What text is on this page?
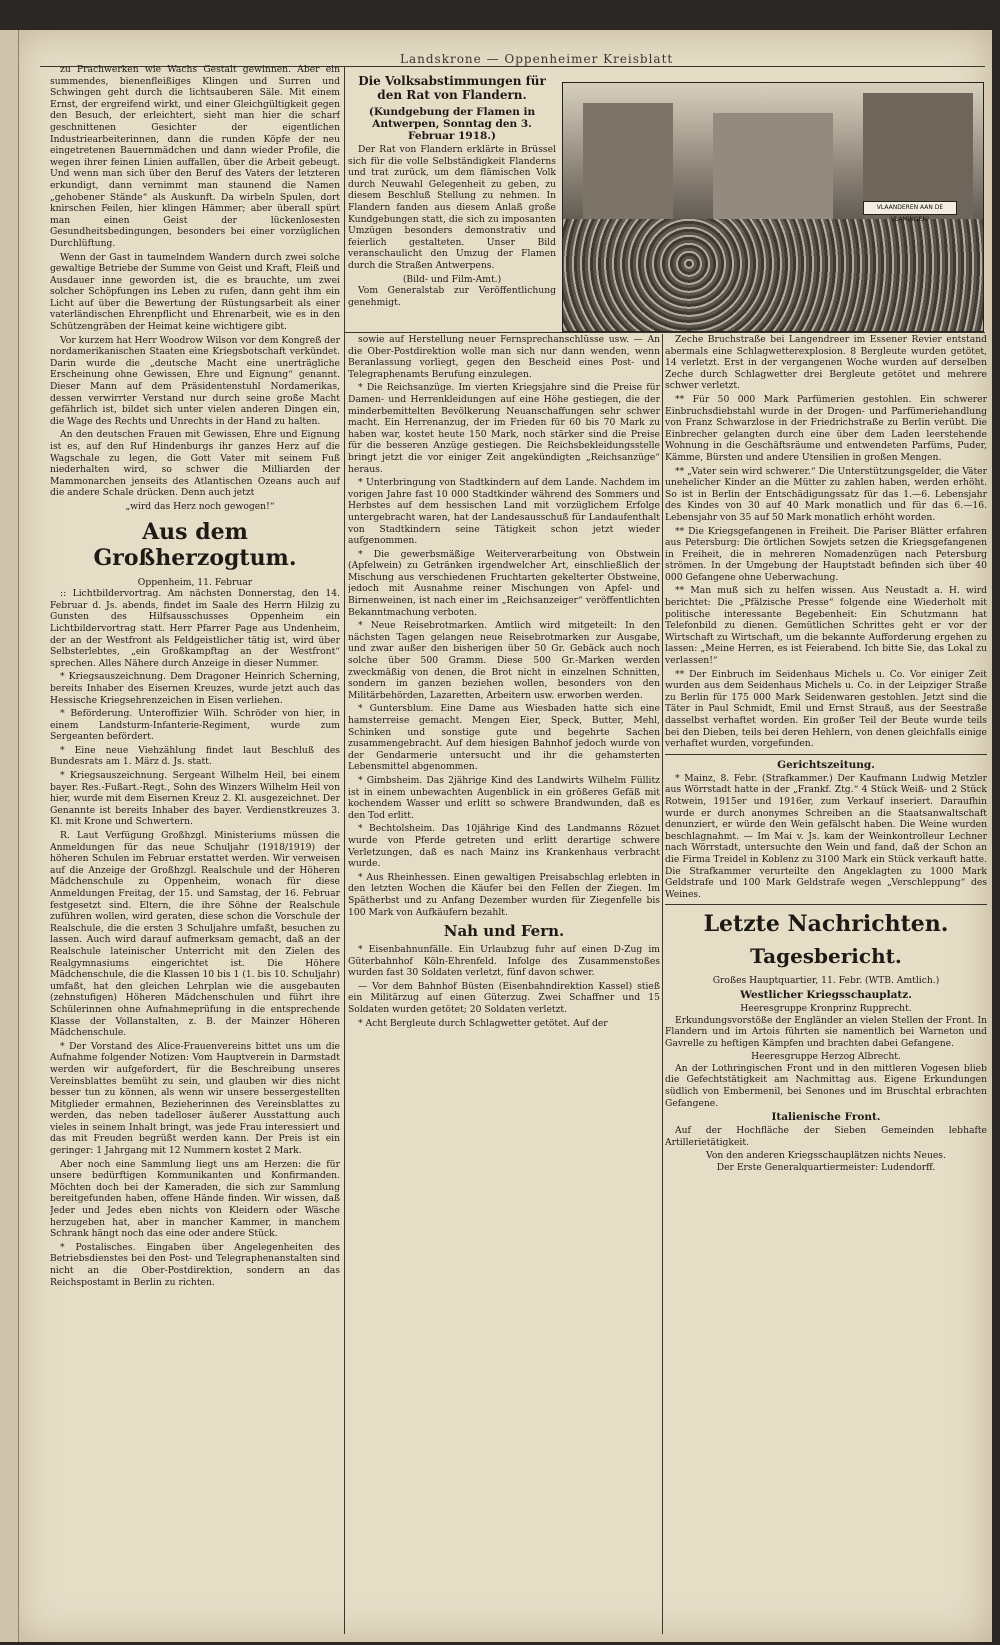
Landskrone — Oppenheimer Kreisblatt

zu Prachwerken wie Wachs Gestalt gewinnen. Aber ein summendes, bienenfleißiges Klingen und Surren und Schwingen geht durch die lichtsauberen Säle. Mit einem Ernst, der ergreifend wirkt, und einer Gleichgültigkeit gegen den Besuch, der erleichtert, sieht man hier die scharf geschnittenen Gesichter der eigentlichen Industriearbeiterinnen, dann die runden Köpfe der neu eingetretenen Bauernmädchen und dann wieder Profile, die wegen ihrer feinen Linien auffallen, über die Arbeit gebeugt. Und wenn man sich über den Beruf des Vaters der letzteren erkundigt, dann vernimmt man staunend die Namen „gehobener Stände“ als Auskunft. Da wirbeln Spulen, dort knirschen Feilen, hier klingen Hämmer; aber überall spürt man einen Geist der lückenlosesten Gesundheitsbedingungen, besonders bei einer vorzüglichen Durchlüftung.

Wenn der Gast in taumelndem Wandern durch zwei solche gewaltige Betriebe der Summe von Geist und Kraft, Fleiß und Ausdauer inne geworden ist, die es brauchte, um zwei solcher Schöpfungen ins Leben zu rufen, dann geht ihm ein Licht auf über die Bewertung der Rüstungsarbeit als einer vaterländischen Ehrenpflicht und Ehrenarbeit, wie es in den Schützengräben der Heimat keine wichtigere gibt.

Vor kurzem hat Herr Woodrow Wilson vor dem Kongreß der nordamerikanischen Staaten eine Kriegsbotschaft verkündet. Darin wurde die „deutsche Macht eine unerträgliche Erscheinung ohne Gewissen, Ehre und Eignung“ genannt. Dieser Mann auf dem Präsidentenstuhl Nordamerikas, dessen verwirrter Verstand nur durch seine große Macht gefährlich ist, bildet sich unter vielen anderen Dingen ein, die Wage des Rechts und Unrechts in der Hand zu halten.

An den deutschen Frauen mit Gewissen, Ehre und Eignung ist es, auf den Ruf Hindenburgs ihr ganzes Herz auf die Wagschale zu legen, die Gott Vater mit seinem Fuß niederhalten wird, so schwer die Milliarden der Mammonarchen jenseits des Atlantischen Ozeans auch auf die andere Schale drücken. Denn auch jetzt

„wird das Herz noch gewogen!“

Aus dem Großherzogtum.
Oppenheim, 11. Februar

:: Lichtbildervortrag. Am nächsten Donnerstag, den 14. Februar d. Js. abends, findet im Saale des Herrn Hilzig zu Gunsten des Hilfsausschusses Oppenheim ein Lichtbildervortrag statt. Herr Pfarrer Page aus Undenheim, der an der Westfront als Feldgeistlicher tätig ist, wird über Selbsterlebtes, „ein Großkampftag an der Westfront“ sprechen. Alles Nähere durch Anzeige in dieser Nummer.

* Kriegsauszeichnung. Dem Dragoner Heinrich Scherning, bereits Inhaber des Eisernen Kreuzes, wurde jetzt auch das Hessische Kriegsehrenzeichen in Eisen verliehen.

* Beförderung. Unteroffizier Wilh. Schröder von hier, in einem Landsturm-Infanterie-Regiment, wurde zum Sergeanten befördert.

* Eine neue Viehzählung findet laut Beschluß des Bundesrats am 1. März d. Js. statt.

* Kriegsauszeichnung. Sergeant Wilhelm Heil, bei einem bayer. Res.-Fußart.-Regt., Sohn des Winzers Wilhelm Heil von hier, wurde mit dem Eisernen Kreuz 2. Kl. ausgezeichnet. Der Genannte ist bereits Inhaber des bayer. Verdienstkreuzes 3. Kl. mit Krone und Schwertern.

R. Laut Verfügung Großhzgl. Ministeriums müssen die Anmeldungen für das neue Schuljahr (1918/1919) der höheren Schulen im Februar erstattet werden. Wir verweisen auf die Anzeige der Großhzgl. Realschule und der Höheren Mädchenschule zu Oppenheim, wonach für diese Anmeldungen Freitag, der 15. und Samstag, der 16. Februar festgesetzt sind. Eltern, die ihre Söhne der Realschule zuführen wollen, wird geraten, diese schon die Vorschule der Realschule, die die ersten 3 Schuljahre umfaßt, besuchen zu lassen. Auch wird darauf aufmerksam gemacht, daß an der Realschule lateinischer Unterricht mit den Zielen des Realgymnasiums eingerichtet ist. Die Höhere Mädchenschule, die die Klassen 10 bis 1 (1. bis 10. Schuljahr) umfaßt, hat den gleichen Lehrplan wie die ausgebauten (zehnstufigen) Höheren Mädchenschulen und führt ihre Schülerinnen ohne Aufnahmeprüfung in die entsprechende Klasse der Vollanstalten, z. B. der Mainzer Höheren Mädchenschule.

* Der Vorstand des Alice-Frauenvereins bittet uns um die Aufnahme folgender Notizen: Vom Hauptverein in Darmstadt werden wir aufgefordert, für die Beschreibung unseres Vereinsblattes bemüht zu sein, und glauben wir dies nicht besser tun zu können, als wenn wir unsere bessergestellten Mitglieder ermahnen, Bezieherinnen des Vereinsblattes zu werden, das neben tadelloser äußerer Ausstattung auch vieles in seinem Inhalt bringt, was jede Frau interessiert und das mit Freuden begrüßt werden kann. Der Preis ist ein geringer: 1 Jahrgang mit 12 Nummern kostet 2 Mark.

Aber noch eine Sammlung liegt uns am Herzen: die für unsere bedürftigen Kommunikanten und Konfirmanden. Möchten doch bei der Kameraden, die sich zur Sammlung bereitgefunden haben, offene Hände finden. Wir wissen, daß Jeder und Jedes eben nichts von Kleidern oder Wäsche herzugeben hat, aber in mancher Kammer, in manchem Schrank hängt noch das eine oder andere Stück.

* Postalisches. Eingaben über Angelegenheiten des Betriebsdienstes bei den Post- und Telegraphenanstalten sind nicht an die Ober-Postdirektion, sondern an das Reichspostamt in Berlin zu richten.

Die Volksabstimmungen für den Rat von Flandern.
(Kundgebung der Flamen in Antwerpen, Sonntag den 3. Februar 1918.)

Der Rat von Flandern erklärte in Brüssel sich für die volle Selbständigkeit Flanderns und trat zurück, um dem flämischen Volk durch Neuwahl Gelegenheit zu geben, zu diesem Beschluß Stellung zu nehmen. In Flandern fanden aus diesem Anlaß große Kundgebungen statt, die sich zu imposanten Umzügen besonders demonstrativ und feierlich gestalteten. Unser Bild veranschaulicht den Umzug der Flamen durch die Straßen Antwerpens.

(Bild- und Film-Amt.)

Vom Generalstab zur Veröffentlichung genehmigt.

VLAANDEREN AAN DE VLAMINGEN!

sowie auf Herstellung neuer Fernsprechanschlüsse usw. — An die Ober-Postdirektion wolle man sich nur dann wenden, wenn Beranlassung vorliegt, gegen den Bescheid eines Post- und Telegraphenamts Berufung einzulegen.

* Die Reichsanzüge. Im vierten Kriegsjahre sind die Preise für Damen- und Herrenkleidungen auf eine Höhe gestiegen, die der minderbemittelten Bevölkerung Neuanschaffungen sehr schwer macht. Ein Herrenanzug, der im Frieden für 60 bis 70 Mark zu haben war, kostet heute 150 Mark, noch stärker sind die Preise für die besseren Anzüge gestiegen. Die Reichsbekleidungsstelle bringt jetzt die vor einiger Zeit angekündigten „Reichsanzüge“ heraus.

* Unterbringung von Stadtkindern auf dem Lande. Nachdem im vorigen Jahre fast 10 000 Stadtkinder während des Sommers und Herbstes auf dem hessischen Land mit vorzüglichem Erfolge untergebracht waren, hat der Landesausschuß für Landaufenthalt von Stadtkindern seine Tätigkeit schon jetzt wieder aufgenommen.

* Die gewerbsmäßige Weiterverarbeitung von Obstwein (Apfelwein) zu Getränken irgendwelcher Art, einschließlich der Mischung aus verschiedenen Fruchtarten gekelterter Obstweine, jedoch mit Ausnahme reiner Mischungen von Apfel- und Birnenweinen, ist nach einer im „Reichsanzeiger“ veröffentlichten Bekanntmachung verboten.

* Neue Reisebrotmarken. Amtlich wird mitgeteilt: In den nächsten Tagen gelangen neue Reisebrotmarken zur Ausgabe, und zwar außer den bisherigen über 50 Gr. Gebäck auch noch solche über 500 Gramm. Diese 500 Gr.-Marken werden zweckmäßig von denen, die Brot nicht in einzelnen Schnitten, sondern im ganzen beziehen wollen, besonders von den Militärbehörden, Lazaretten, Arbeitern usw. erworben werden.

* Guntersblum. Eine Dame aus Wiesbaden hatte sich eine hamsterreise gemacht. Mengen Eier, Speck, Butter, Mehl, Schinken und sonstige gute und begehrte Sachen zusammengebracht. Auf dem hiesigen Bahnhof jedoch wurde von der Gendarmerie untersucht und ihr die gehamsterten Lebensmittel abgenommen.

* Gimbsheim. Das 2jährige Kind des Landwirts Wilhelm Füllitz ist in einem unbewachten Augenblick in ein größeres Gefäß mit kochendem Wasser und erlitt so schwere Brandwunden, daß es den Tod erlitt.

* Bechtolsheim. Das 10jährige Kind des Landmanns Rözuet wurde von Pferde getreten und erlitt derartige schwere Verletzungen, daß es nach Mainz ins Krankenhaus verbracht wurde.

* Aus Rheinhessen. Einen gewaltigen Preisabschlag erlebten in den letzten Wochen die Käufer bei den Fellen der Ziegen. Im Spätherbst und zu Anfang Dezember wurden für Ziegenfelle bis 100 Mark von Aufkäufern bezahlt.

Nah und Fern.

* Eisenbahnunfälle. Ein Urlaubzug fuhr auf einen D-Zug im Güterbahnhof Köln-Ehrenfeld. Infolge des Zusammenstoßes wurden fast 30 Soldaten verletzt, fünf davon schwer.

— Vor dem Bahnhof Büsten (Eisenbahndirektion Kassel) stieß ein Militärzug auf einen Güterzug. Zwei Schaffner und 15 Soldaten wurden getötet; 20 Soldaten verletzt.

* Acht Bergleute durch Schlagwetter getötet. Auf der

Zeche Bruchstraße bei Langendreer im Essener Revier entstand abermals eine Schlagwetterexplosion. 8 Bergleute wurden getötet, 14 verletzt. Erst in der vergangenen Woche wurden auf derselben Zeche durch Schlagwetter drei Bergleute getötet und mehrere schwer verletzt.

** Für 50 000 Mark Parfümerien gestohlen. Ein schwerer Einbruchsdiebstahl wurde in der Drogen- und Parfümeriehandlung von Franz Schwarzlose in der Friedrichstraße zu Berlin verübt. Die Einbrecher gelangten durch eine über dem Laden leerstehende Wohnung in die Geschäftsräume und entwendeten Parfüms, Puder, Kämme, Bürsten und andere Utensilien in großen Mengen.

** „Vater sein wird schwerer.“ Die Unterstützungsgelder, die Väter unehelicher Kinder an die Mütter zu zahlen haben, werden erhöht. So ist in Berlin der Entschädigungssatz für das 1.—6. Lebensjahr des Kindes von 30 auf 40 Mark monatlich und für das 6.—16. Lebensjahr von 35 auf 50 Mark monatlich erhöht worden.

** Die Kriegsgefangenen in Freiheit. Die Pariser Blätter erfahren aus Petersburg: Die örtlichen Sowjets setzen die Kriegsgefangenen in Freiheit, die in mehreren Nomadenzügen nach Petersburg strömen. In der Umgebung der Hauptstadt befinden sich über 40 000 Gefangene ohne Ueberwachung.

** Man muß sich zu helfen wissen. Aus Neustadt a. H. wird berichtet: Die „Pfälzische Presse“ folgende eine Wiederholt mit politische interessante Begebenheit: Ein Schutzmann hat Telefonbild zu dienen. Gemütlichen Schrittes geht er vor der Wirtschaft zu Wirtschaft, um die bekannte Aufforderung ergehen zu lassen: „Meine Herren, es ist Feierabend. Ich bitte Sie, das Lokal zu verlassen!“

** Der Einbruch im Seidenhaus Michels u. Co. Vor einiger Zeit wurden aus dem Seidenhaus Michels u. Co. in der Leipziger Straße zu Berlin für 175 000 Mark Seidenwaren gestohlen. Jetzt sind die Täter in Paul Schmidt, Emil und Ernst Strauß, aus der Seestraße dasselbst verhaftet worden. Ein großer Teil der Beute wurde teils bei den Dieben, teils bei deren Hehlern, von denen gleichfalls einige verhaftet wurden, vorgefunden.

Gerichtszeitung.

* Mainz, 8. Febr. (Strafkammer.) Der Kaufmann Ludwig Metzler aus Wörrstadt hatte in der „Frankf. Ztg.“ 4 Stück Weiß- und 2 Stück Rotwein, 1915er und 1916er, zum Verkauf inseriert. Daraufhin wurde er durch anonymes Schreiben an die Staatsanwaltschaft denunziert, er würde den Wein gefälscht haben. Die Weine wurden beschlagnahmt. — Im Mai v. Js. kam der Weinkontrolleur Lechner nach Wörrstadt, untersuchte den Wein und fand, daß der Schon an die Firma Treidel in Koblenz zu 3100 Mark ein Stück verkauft hatte. Die Strafkammer verurteilte den Angeklagten zu 1000 Mark Geldstrafe und 100 Mark Geldstrafe wegen „Verschleppung“ des Weines.

Letzte Nachrichten.
Tagesbericht.
Großes Hauptquartier, 11. Febr. (WTB. Amtlich.)
Westlicher Kriegsschauplatz.
Heeresgruppe Kronprinz Rupprecht.

Erkundungsvorstöße der Engländer an vielen Stellen der Front. In Flandern und im Artois führten sie namentlich bei Warneton und Gavrelle zu heftigen Kämpfen und brachten dabei Gefangene.

Heeresgruppe Herzog Albrecht.

An der Lothringischen Front und in den mittleren Vogesen blieb die Gefechtstätigkeit am Nachmittag aus. Eigene Erkundungen südlich von Embermenil, bei Senones und im Bruschtal erbrachten Gefangene.

Italienische Front.

Auf der Hochfläche der Sieben Gemeinden lebhafte Artillerietätigkeit.

Von den anderen Kriegsschauplätzen nichts Neues.
Der Erste Generalquartiermeister: Ludendorff.
